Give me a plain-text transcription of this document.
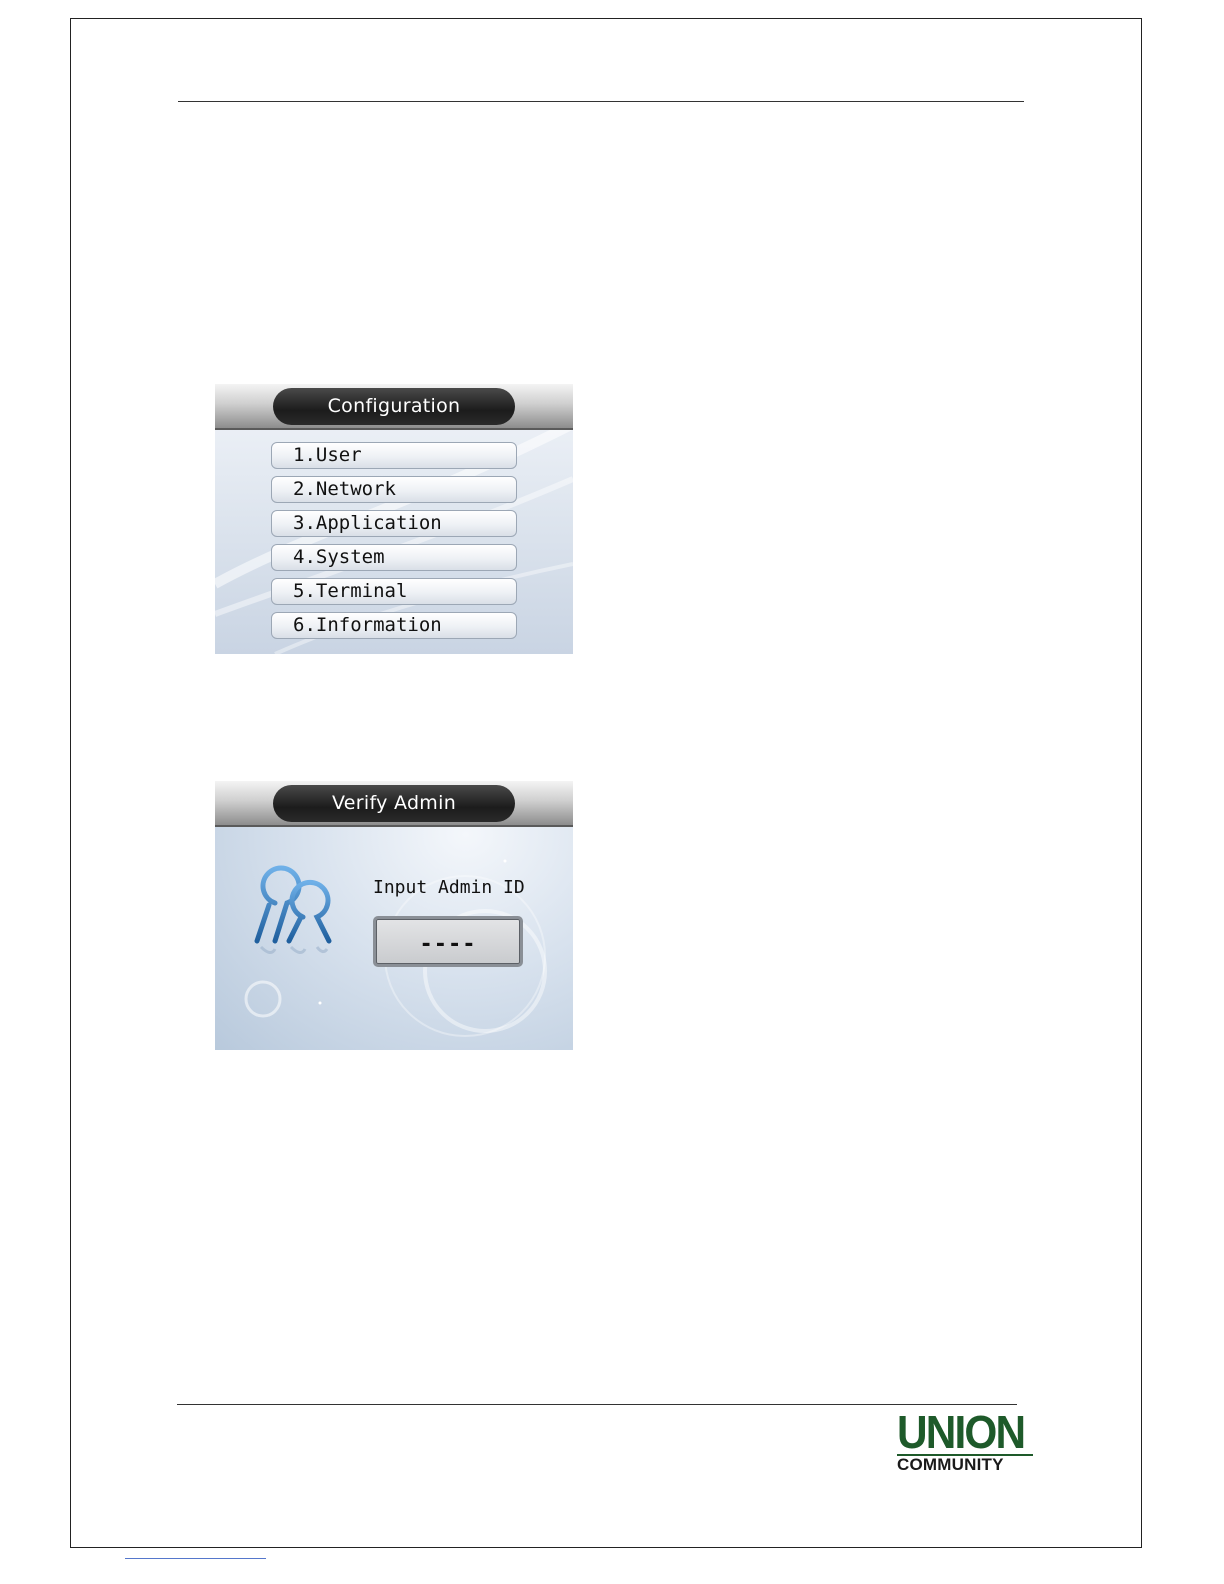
Configuration
1.User
2.Network
3.Application
4.System
5.Terminal
6.Information
Verify Admin
Input Admin ID
----
UNION
COMMUNITY
